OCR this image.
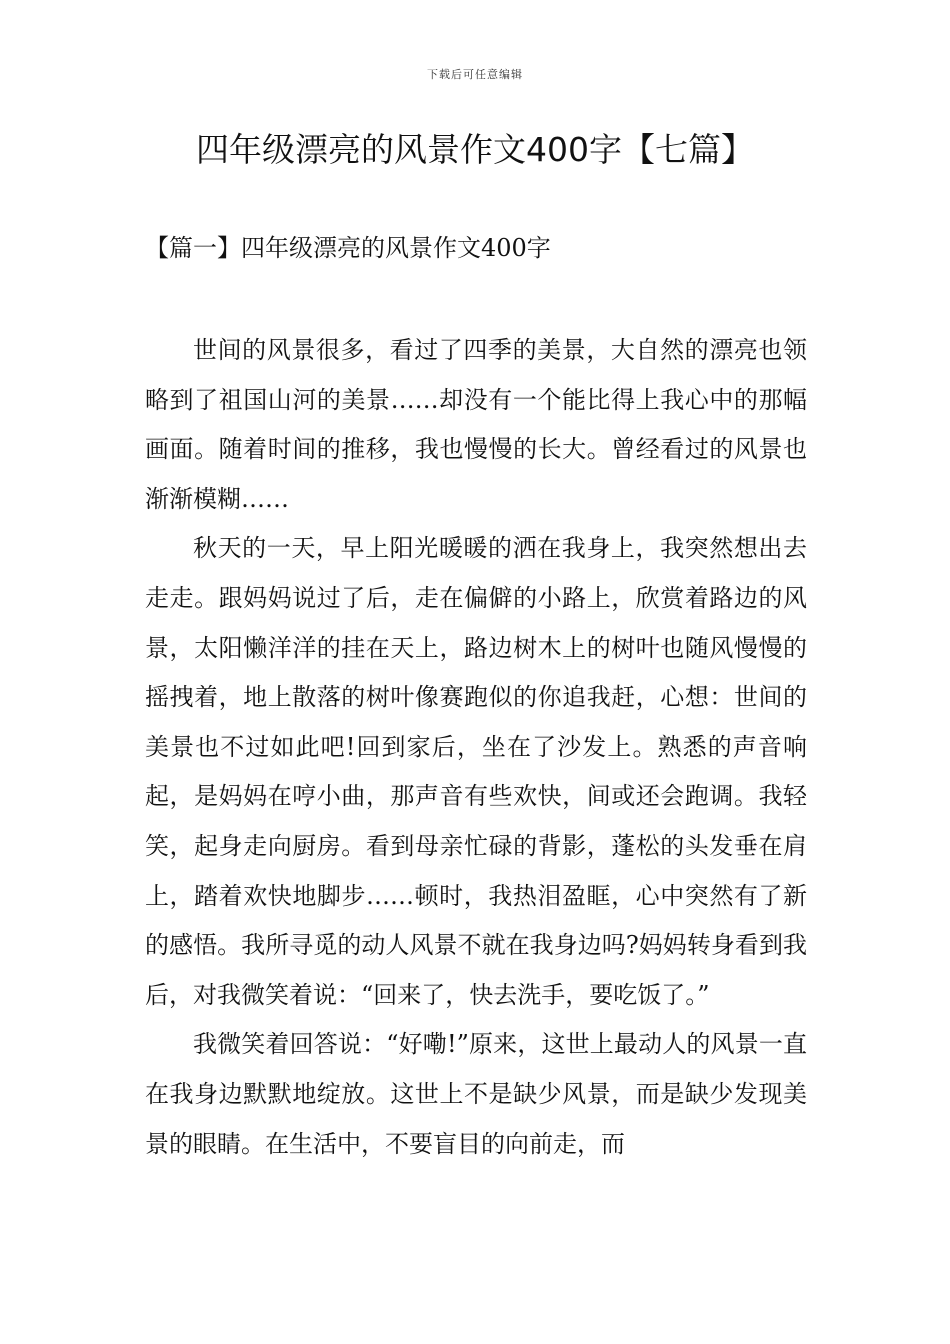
下载后可任意编辑
四年级漂亮的风景作文400字【七篇】
【篇一】四年级漂亮的风景作文400字

世间的风景很多，看过了四季的美景，大自然的漂亮也领略到了祖国山河的美景……却没有一个能比得上我心中的那幅画面。随着时间的推移，我也慢慢的长大。曾经看过的风景也渐渐模糊……

秋天的一天，早上阳光暖暖的洒在我身上，我突然想出去走走。跟妈妈说过了后，走在偏僻的小路上，欣赏着路边的风景，太阳懒洋洋的挂在天上，路边树木上的树叶也随风慢慢的摇拽着，地上散落的树叶像赛跑似的你追我赶，心想：世间的美景也不过如此吧!回到家后，坐在了沙发上。熟悉的声音响起，是妈妈在哼小曲，那声音有些欢快，间或还会跑调。我轻笑，起身走向厨房。看到母亲忙碌的背影，蓬松的头发垂在肩上，踏着欢快地脚步……顿时，我热泪盈眶，心中突然有了新的感悟。我所寻觅的动人风景不就在我身边吗?妈妈转身看到我后，对我微笑着说：“回来了，快去洗手，要吃饭了。”

我微笑着回答说：“好嘞!”原来，这世上最动人的风景一直在我身边默默地绽放。这世上不是缺少风景，而是缺少发现美景的眼睛。在生活中，不要盲目的向前走，而
